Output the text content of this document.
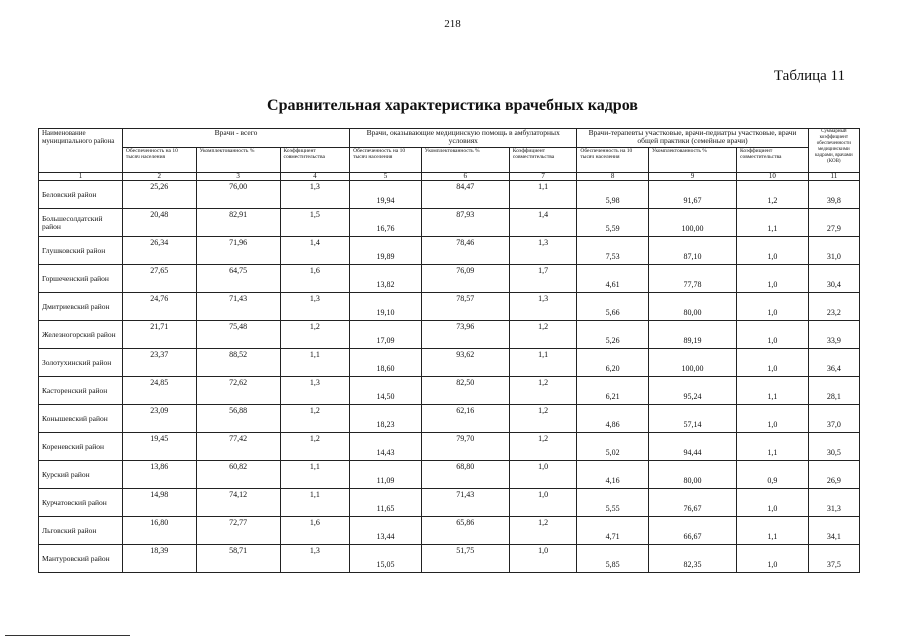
218
Таблица 11
Сравнительная характеристика врачебных кадров
Наименование муниципального района	Врачи - всего			Врачи, оказывающие медицинскую помощь в амбулаторных условиях			Врачи-терапевты участковые, врачи-педиатры участковые, врачи общей практики (семейные врачи)			Суммарный коэффициент обеспеченности медицинскими кадрами, врачами (КОВ)
	Обеспеченность на 10 тысяч населения	Укомплектованность %	Коэффициент совместительства	Обеспеченность на 10 тысяч населения	Укомплектованность %	Коэффициент совместительства	Обеспеченность на 10 тысяч населения	Укомплектованность %	Коэффициент совместительства	
1	2	3	4	5	6	7	8	9	10	11
Беловский район	25,26	76,00	1,3	19,94	84,47	1,1	5,98	91,67	1,2	39,8
Большесолдатский район	20,48	82,91	1,5	16,76	87,93	1,4	5,59	100,00	1,1	27,9
Глушковский район	26,34	71,96	1,4	19,89	78,46	1,3	7,53	87,10	1,0	31,0
Горшеченский район	27,65	64,75	1,6	13,82	76,09	1,7	4,61	77,78	1,0	30,4
Дмитриевский район	24,76	71,43	1,3	19,10	78,57	1,3	5,66	80,00	1,0	23,2
Железногорский район	21,71	75,48	1,2	17,09	73,96	1,2	5,26	89,19	1,0	33,9
Золотухинский район	23,37	88,52	1,1	18,60	93,62	1,1	6,20	100,00	1,0	36,4
Касторенский район	24,85	72,62	1,3	14,50	82,50	1,2	6,21	95,24	1,1	28,1
Конышевский район	23,09	56,88	1,2	18,23	62,16	1,2	4,86	57,14	1,0	37,0
Кореневский район	19,45	77,42	1,2	14,43	79,70	1,2	5,02	94,44	1,1	30,5
Курский район	13,86	60,82	1,1	11,09	68,80	1,0	4,16	80,00	0,9	26,9
Курчатовский район	14,98	74,12	1,1	11,65	71,43	1,0	5,55	76,67	1,0	31,3
Льговский район	16,80	72,77	1,6	13,44	65,86	1,2	4,71	66,67	1,1	34,1
Мантуровский район	18,39	58,71	1,3	15,05	51,75	1,0	5,85	82,35	1,0	37,5
